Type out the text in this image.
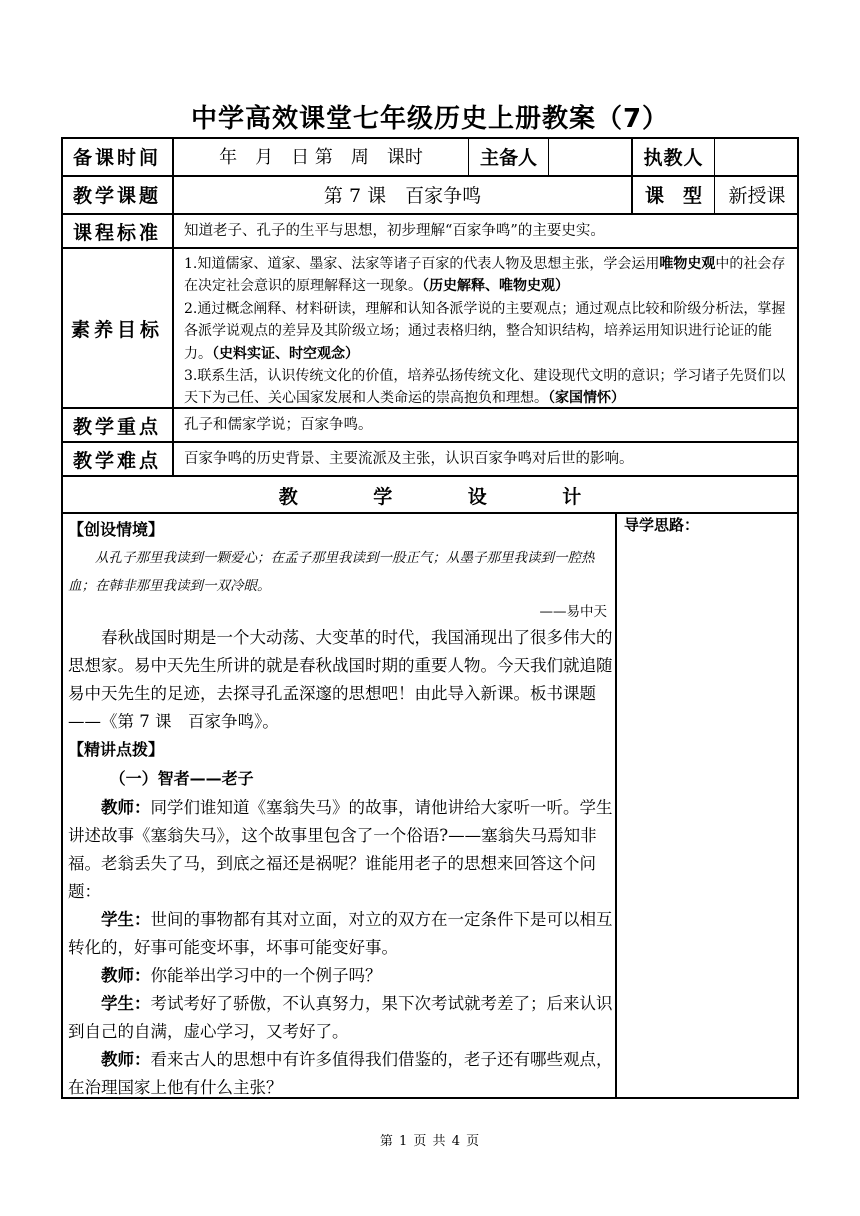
中学高效课堂七年级历史上册教案（7）
备课时间	年　月　日 第　周　课时	主备人	执教人
教学课题	第 7 课　百家争鸣	课　型	新授课
课程标准	知道老子、孔子的生平与思想，初步理解“百家争鸣”的主要史实。
素养目标

1.知道儒家、道家、墨家、法家等诸子百家的代表人物及思想主张，学会运用唯物史观中的社会存在决定社会意识的原理解释这一现象。（历史解释、唯物史观）

2.通过概念阐释、材料研读，理解和认知各派学说的主要观点；通过观点比较和阶级分析法，掌握各派学说观点的差异及其阶级立场；通过表格归纳，整合知识结构，培养运用知识进行论证的能力。（史料实证、时空观念）

3.联系生活，认识传统文化的价值，培养弘扬传统文化、建设现代文明的意识；学习诸子先贤们以天下为己任、关心国家发展和人类命运的崇高抱负和理想。（家国情怀）

教学重点	孔子和儒家学说；百家争鸣。
教学难点	百家争鸣的历史背景、主要流派及主张，认识百家争鸣对后世的影响。
教	学	设	计
导学思路：

【创设情境】

从孔子那里我读到一颗爱心；在孟子那里我读到一股正气；从墨子那里我读到一腔热血；在韩非那里我读到一双冷眼。

——易中天

春秋战国时期是一个大动荡、大变革的时代，我国涌现出了很多伟大的思想家。易中天先生所讲的就是春秋战国时期的重要人物。今天我们就追随易中天先生的足迹，去探寻孔孟深邃的思想吧！由此导入新课。板书课题——《第 7 课　百家争鸣》。

【精讲点拨】

（一）智者——老子

教师：同学们谁知道《塞翁失马》的故事，请他讲给大家听一听。学生讲述故事《塞翁失马》，这个故事里包含了一个俗语?——塞翁失马焉知非福。老翁丢失了马，到底之福还是祸呢？谁能用老子的思想来回答这个问题：

学生：世间的事物都有其对立面，对立的双方在一定条件下是可以相互转化的，好事可能变坏事，坏事可能变好事。

教师：你能举出学习中的一个例子吗？

学生：考试考好了骄傲，不认真努力，果下次考试就考差了；后来认识到自己的自满，虚心学习，又考好了。

教师：看来古人的思想中有许多值得我们借鉴的，老子还有哪些观点，在治理国家上他有什么主张？

第 1 页 共 4 页
